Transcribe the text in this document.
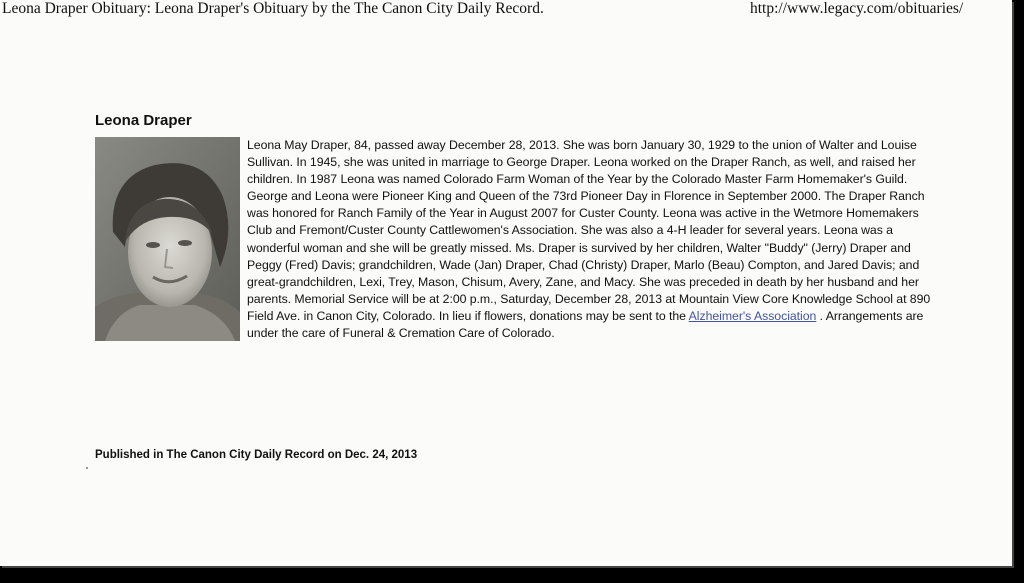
Leona Draper Obituary: Leona Draper's Obituary by the The Canon City Daily Record.	http://www.legacy.com/obituaries/
Leona Draper
Leona May Draper, 84, passed away December 28, 2013. She was born January 30, 1929 to the union of Walter and Louise Sullivan. In 1945, she was united in marriage to George Draper. Leona worked on the Draper Ranch, as well, and raised her children. In 1987 Leona was named Colorado Farm Woman of the Year by the Colorado Master Farm Homemaker's Guild. George and Leona were Pioneer King and Queen of the 73rd Pioneer Day in Florence in September 2000. The Draper Ranch was honored for Ranch Family of the Year in August 2007 for Custer County. Leona was active in the Wetmore Homemakers Club and Fremont/Custer County Cattlewomen's Association. She was also a 4-H leader for several years. Leona was a wonderful woman and she will be greatly missed. Ms. Draper is survived by her children, Walter "Buddy" (Jerry) Draper and Peggy (Fred) Davis; grandchildren, Wade (Jan) Draper, Chad (Christy) Draper, Marlo (Beau) Compton, and Jared Davis; and great-grandchildren, Lexi, Trey, Mason, Chisum, Avery, Zane, and Macy. She was preceded in death by her husband and her parents. Memorial Service will be at 2:00 p.m., Saturday, December 28, 2013 at Mountain View Core Knowledge School at 890 Field Ave. in Canon City, Colorado. In lieu if flowers, donations may be sent to the Alzheimer's Association . Arrangements are under the care of Funeral & Cremation Care of Colorado.
Published in The Canon City Daily Record on Dec. 24, 2013
